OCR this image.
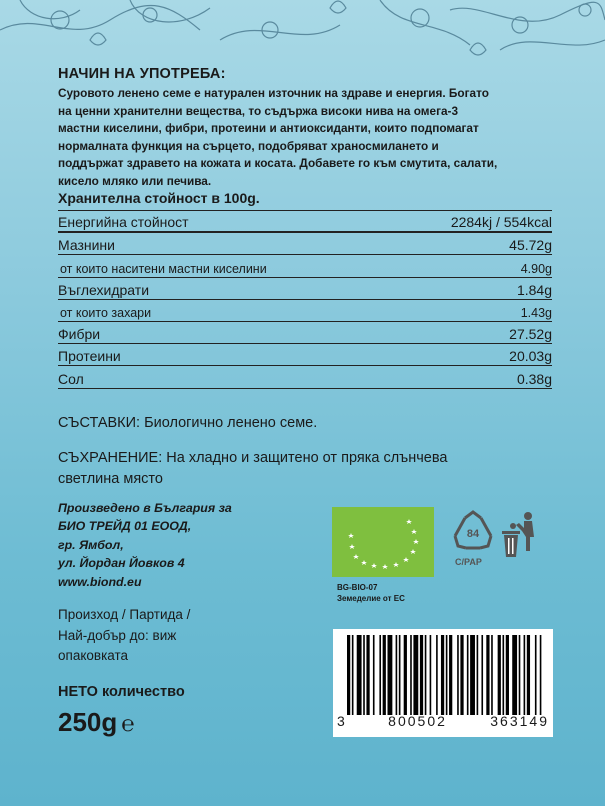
НАЧИН НА УПОТРЕБА:
Суровото ленено семе е натурален източник на здраве и енергия. Богато
на ценни хранителни вещества, то съдържа високи нива на омега-3
мастни киселини, фибри, протеини и антиоксиданти, които подпомагат
нормалната функция на сърцето, подобряват храносмилането и
поддържат здравето на кожата и косата. Добавете го към смутита, салати,
кисело мляко или печива.
Хранителна стойност в 100g.
Енергийна стойност	2284kj / 554kcal
Мазнини	45.72g
от които наситени мастни киселини	4.90g
Въглехидрати	1.84g
от които захари	1.43g
Фибри	27.52g
Протеини	20.03g
Сол	0.38g
СЪСТАВКИ: Биологично ленено семе.
СЪХРАНЕНИЕ: На хладно и защитено от пряка слънчева
светлина място
Произведено в България за
БИО ТРЕЙД 01 ЕООД,
гр. Ямбол,
ул. Йордан Йовков 4
www.biond.eu
Произход / Партида /
Най-добър до: виж
опаковката
НЕТО количество
250g ℮
BG-BIO-07
Земеделие от ЕС
84
C/PAP
3	800502	363149
